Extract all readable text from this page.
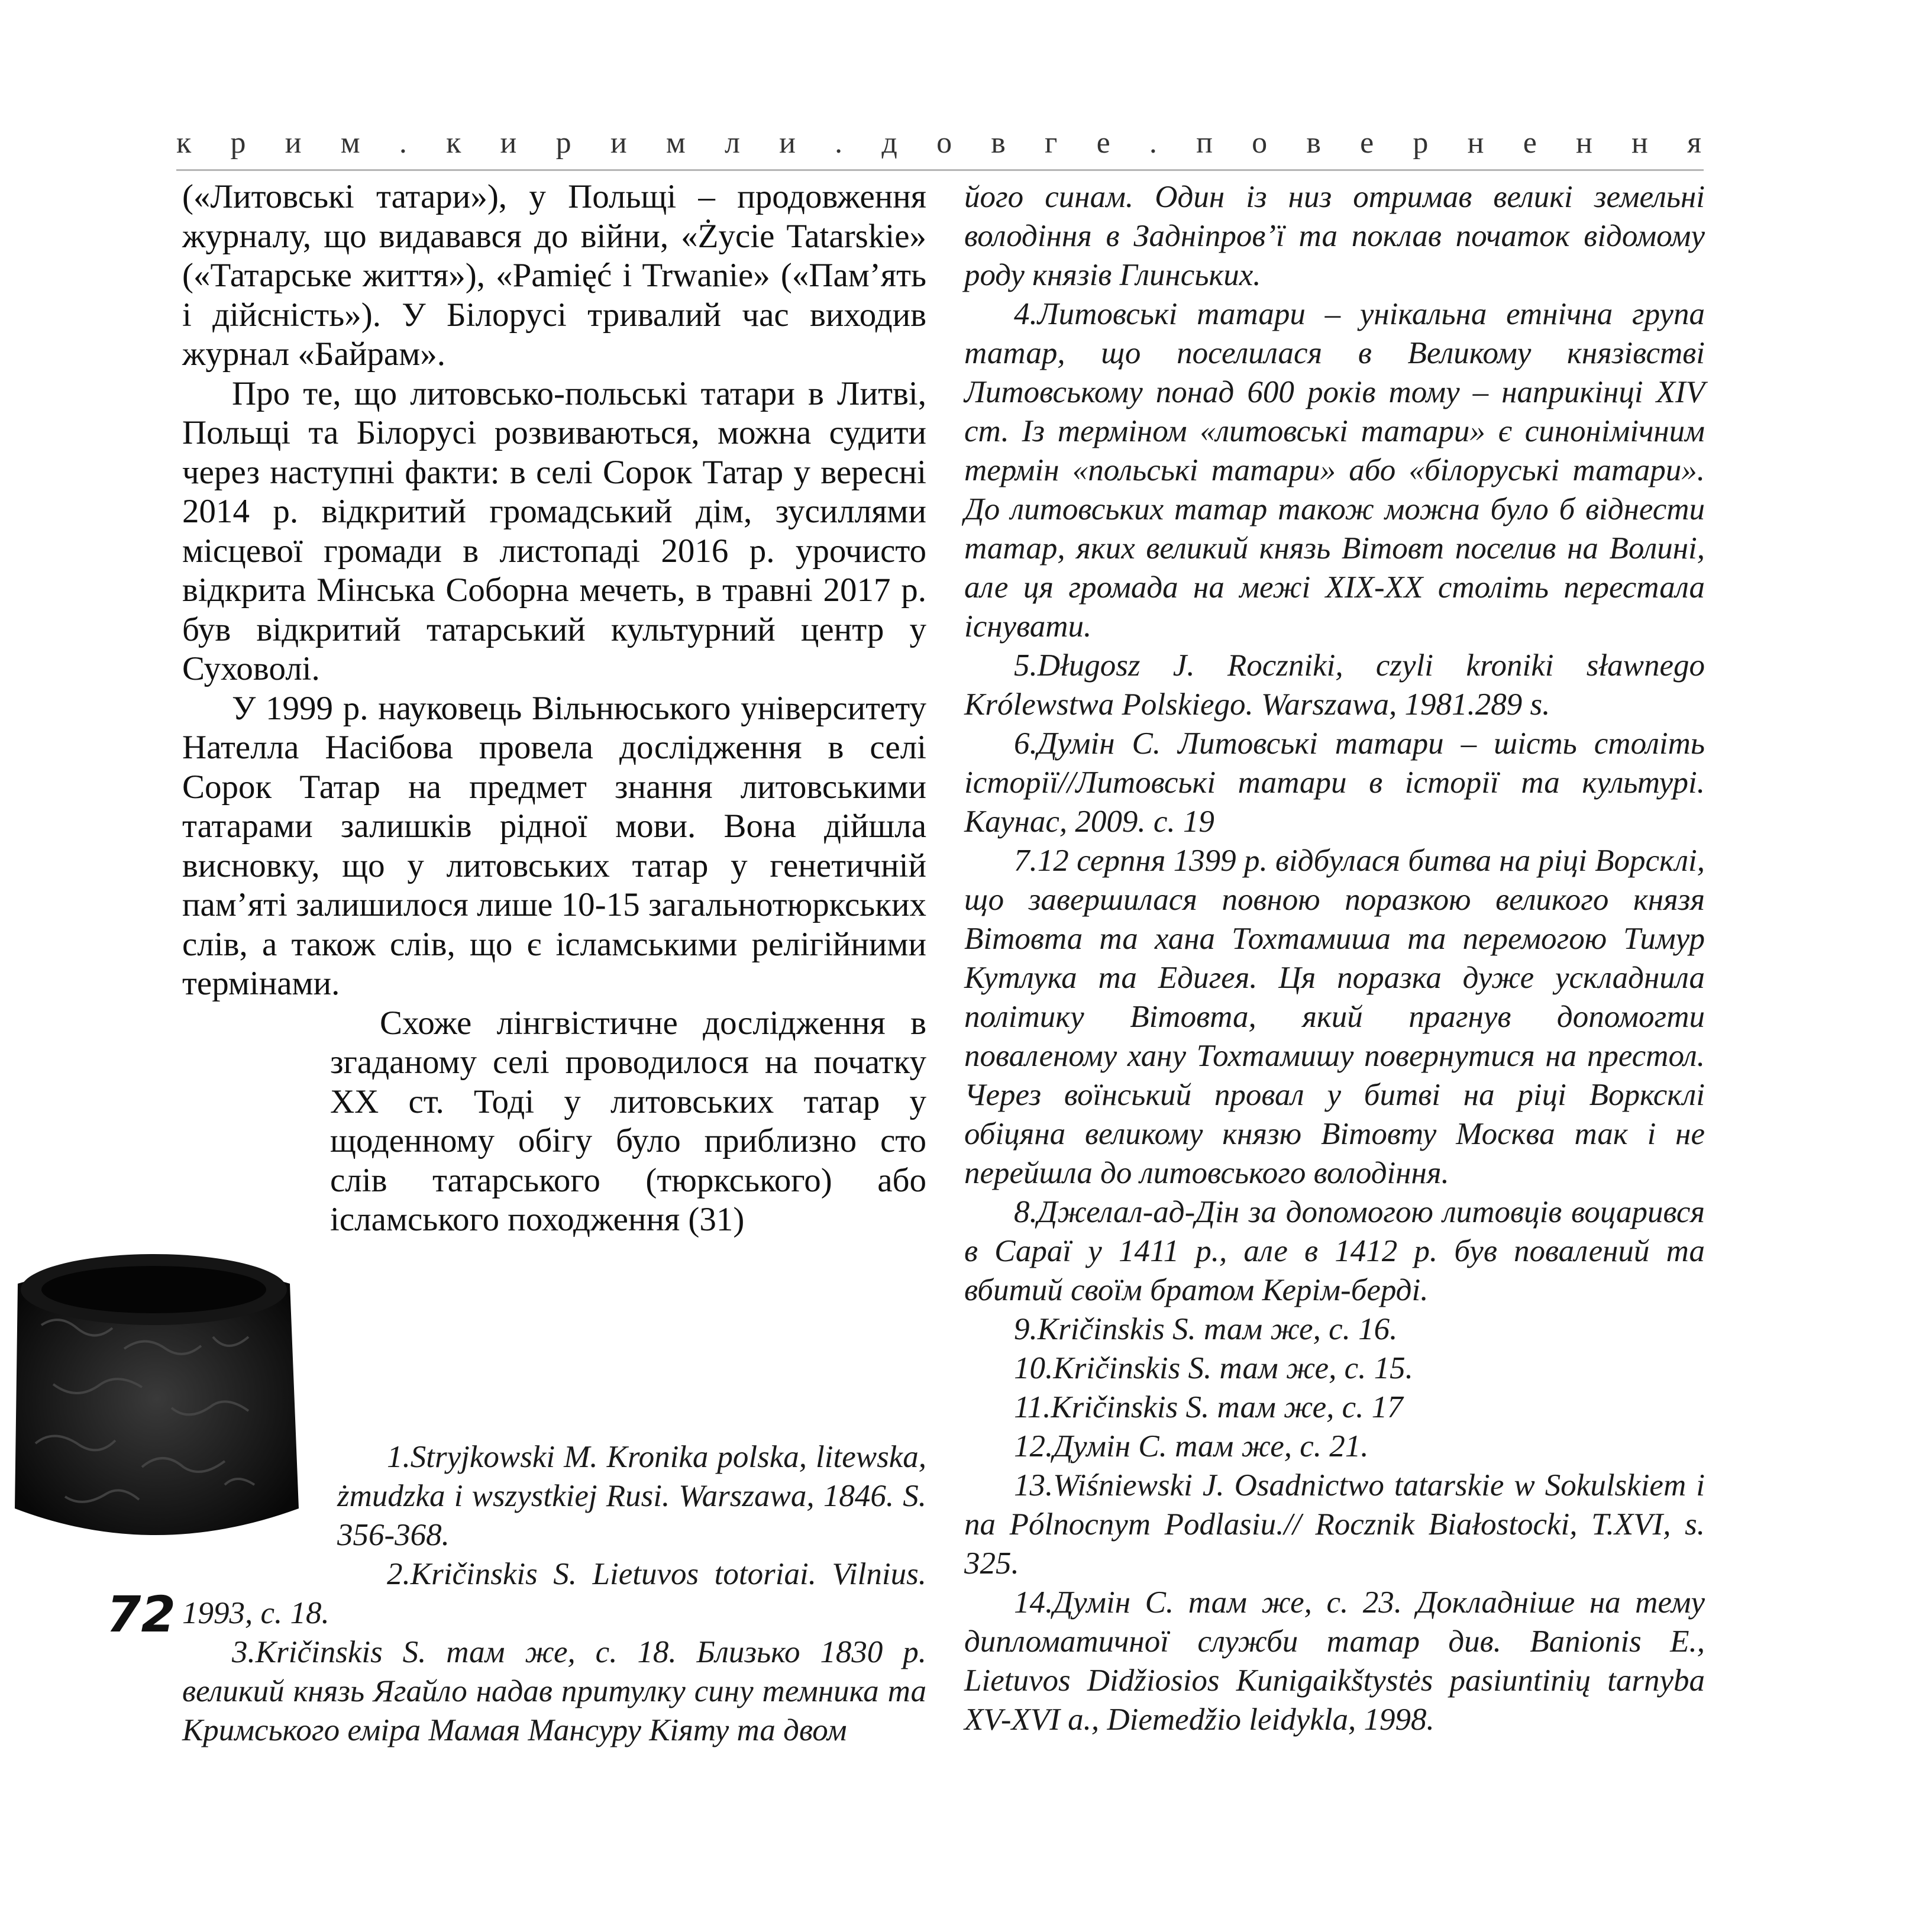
к р и м . к и р и м л и . д о в г е . п о в е р н е н н я

(«Литовські татари»), у Польщі – продовження журналу, що видавався до війни, «Życie Tatarskie» («Татарське життя»), «Pamięć i Trwanie» («Пам’ять і дійсність»). У Білорусі тривалий час виходив журнал «Байрам».

Про те, що литовсько-польські татари в Литві, Польщі та Білорусі розвиваються, можна судити через наступні факти: в селі Сорок Татар у вересні 2014 р. відкритий громадський дім, зусиллями місцевої громади в листопаді 2016 р. урочисто відкрита Мінська Соборна мечеть, в травні 2017 р. був відкритий татарський культурний центр у Суховолі.

У 1999 р. науковець Вільнюського університету Нателла Насібова провела дослідження в селі Сорок Татар на предмет знання литовськими татарами залишків рідної мови. Вона дійшла висновку, що у литовських татар у генетичній пам’яті залишилося лише 10-15 загальнотюркських слів, а також слів, що є ісламськими релігійними термінами.

Схоже лінгвістичне дослідження в згаданому селі проводилося на початку XX ст. Тоді у литовських татар у щоденному обігу було приблизно сто слів татарського (тюркського) або ісламського походження (31)

1.Stryjkowski M. Kronika polska, litewska, żmudzka i wszystkiej Rusi. Warszawa, 1846. S. 356-368.

2.Kričinskis S. Lietuvos totoriai. Vilnius. 1993, с. 18.

3.Kričinskis S. там же, с. 18. Близько 1830 р. великий князь Ягайло надав притулку сину темника та Кримського еміра Мамая Мансуру Кіяту та двом

його синам. Один із низ отримав великі земельні володіння в Задніпров’ї та поклав початок відомому роду князів Глинських.

4.Литовські татари – унікальна етнічна група татар, що поселилася в Великому князівстві Литовському понад 600 років тому – наприкінці XIV ст. Із терміном «литовські татари» є синонімічним термін «польські татари» або «білоруські татари». До литовських татар також можна було б віднести татар, яких великий князь Вітовт поселив на Волині, але ця громада на межі XIX-XX століть перестала існувати.

5.Długosz J. Roczniki, czyli kroniki sławnego Królewstwa Polskiego. Warszawa, 1981.289 s.

6.Думін С. Литовські татари – шість століть історії//Литовські татари в історії та культурі. Каунас, 2009. с. 19

7.12 серпня 1399 р. відбулася битва на ріці Ворсклі, що завершилася повною поразкою великого князя Вітовта та хана Тохтамиша та перемогою Тимур Кутлука та Едигея. Ця поразка дуже ускладнила політику Вітовта, який прагнув допомогти поваленому хану Тохтамишу повернутися на престол. Через воїнський провал у битві на ріці Ворксклі обіцяна великому князю Вітовту Москва так і не перейшла до литовського володіння.

8.Джелал-ад-Дін за допомогою литовців воцарився в Сараї у 1411 р., але в 1412 р. був повалений та вбитий своїм братом Керім-берді.

9.Kričinskis S. там же, с. 16.

10.Kričinskis S. там же, с. 15.

11.Kričinskis S. там же, с. 17

12.Думін С. там же, с. 21.

13.Wiśniewski J. Osadnictwo tatarskie w Sokulskiem i na Pólnocnym Podlasiu.// Rocznik Białostocki, T.XVI, s. 325.

14.Думін С. там же, с. 23. Докладніше на тему дипломатичної служби татар див. Banionis E., Lietuvos Didžiosios Kunigaikštystės pasiuntinių tarnyba XV-XVI a., Diemedžio leidykla, 1998.

72
